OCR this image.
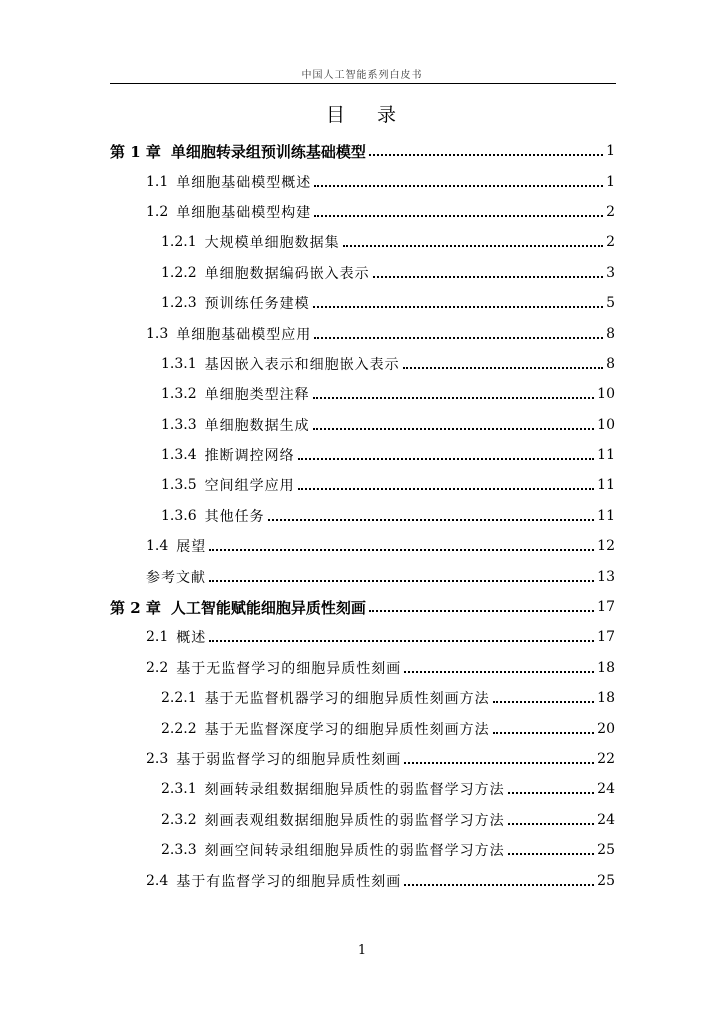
中国人工智能系列白皮书
目 录
第 1 章 单细胞转录组预训练基础模型	1
1.1 单细胞基础模型概述	1
1.2 单细胞基础模型构建	2
1.2.1 大规模单细胞数据集	2
1.2.2 单细胞数据编码嵌入表示	3
1.2.3 预训练任务建模	5
1.3 单细胞基础模型应用	8
1.3.1 基因嵌入表示和细胞嵌入表示	8
1.3.2 单细胞类型注释	10
1.3.3 单细胞数据生成	10
1.3.4 推断调控网络	11
1.3.5 空间组学应用	11
1.3.6 其他任务	11
1.4 展望	12
参考文献	13
第 2 章 人工智能赋能细胞异质性刻画	17
2.1 概述	17
2.2 基于无监督学习的细胞异质性刻画	18
2.2.1 基于无监督机器学习的细胞异质性刻画方法	18
2.2.2 基于无监督深度学习的细胞异质性刻画方法	20
2.3 基于弱监督学习的细胞异质性刻画	22
2.3.1 刻画转录组数据细胞异质性的弱监督学习方法	24
2.3.2 刻画表观组数据细胞异质性的弱监督学习方法	24
2.3.3 刻画空间转录组细胞异质性的弱监督学习方法	25
2.4 基于有监督学习的细胞异质性刻画	25
1
